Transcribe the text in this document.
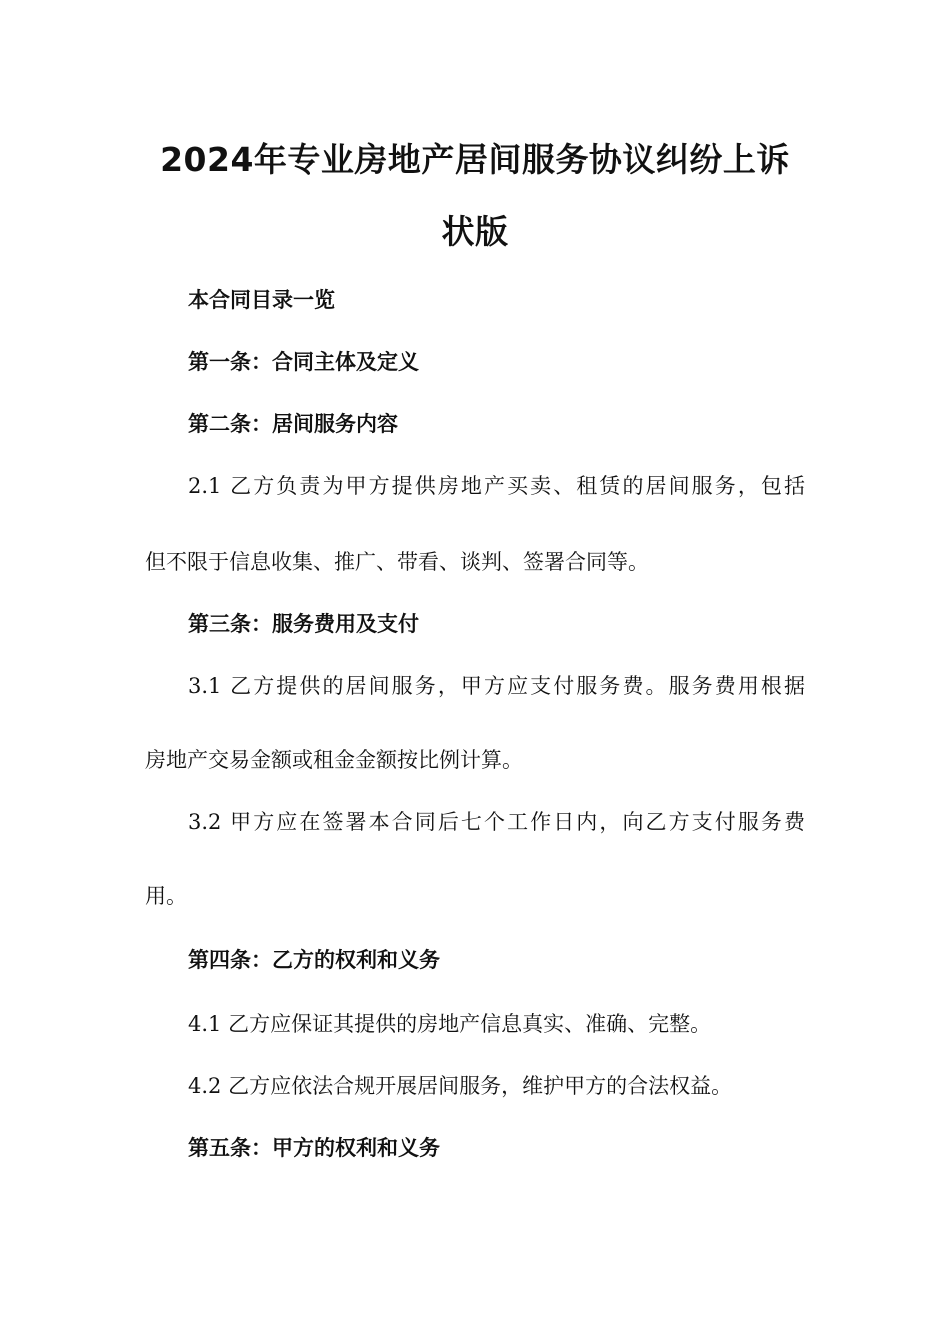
2024年专业房地产居间服务协议纠纷上诉
状版

本合同目录一览

第一条：合同主体及定义

第二条：居间服务内容

2.1 乙方负责为甲方提供房地产买卖、租赁的居间服务，包括

但不限于信息收集、推广、带看、谈判、签署合同等。

第三条：服务费用及支付

3.1 乙方提供的居间服务，甲方应支付服务费。服务费用根据

房地产交易金额或租金金额按比例计算。

3.2 甲方应在签署本合同后七个工作日内，向乙方支付服务费

用。

第四条：乙方的权利和义务

4.1 乙方应保证其提供的房地产信息真实、准确、完整。

4.2 乙方应依法合规开展居间服务，维护甲方的合法权益。

第五条：甲方的权利和义务
